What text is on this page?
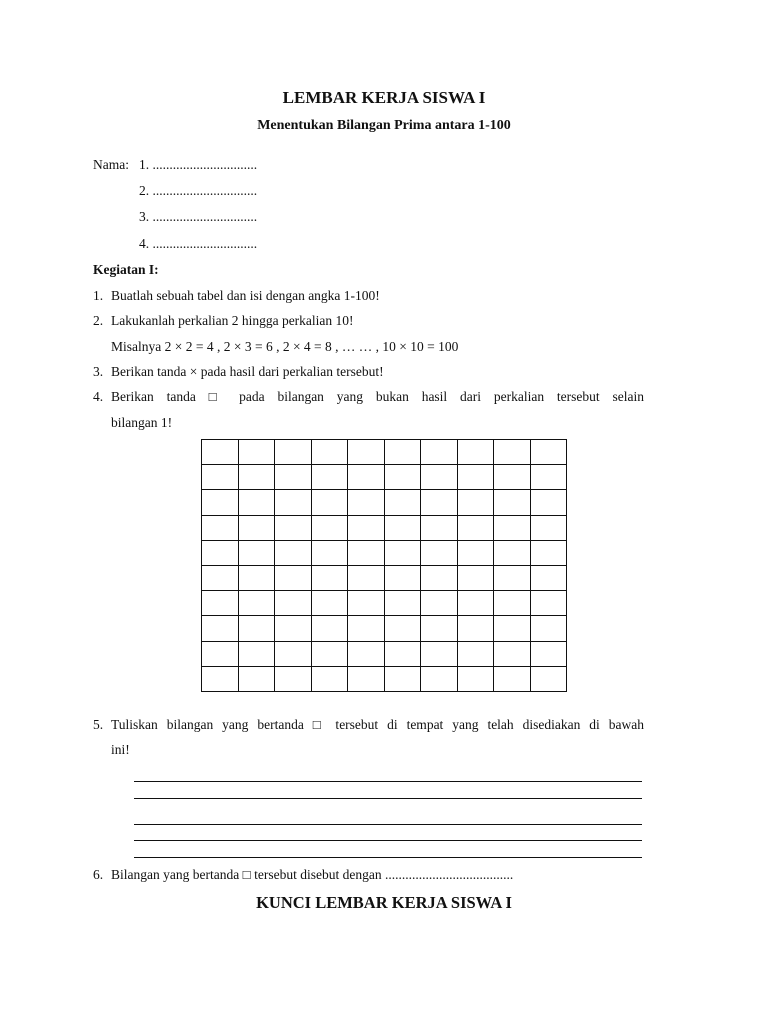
LEMBAR KERJA SISWA I
Menentukan Bilangan Prima antara 1-100
Nama: 1. ...............................
2. ...............................
3. ...............................
4. ...............................
Kegiatan I:
1. Buatlah sebuah tabel dan isi dengan angka 1-100!
2. Lakukanlah perkalian 2 hingga perkalian 10!
Misalnya 2 × 2 = 4 , 2 × 3 = 6 , 2 × 4 = 8 , … … , 10 × 10 = 100
3. Berikan tanda × pada hasil dari perkalian tersebut!
4. Berikan tanda □ pada bilangan yang bukan hasil dari perkalian tersebut selain
bilangan 1!

5. Tuliskan bilangan yang bertanda □ tersebut di tempat yang telah disediakan di bawah
ini!
6. Bilangan yang bertanda □ tersebut disebut dengan ......................................
KUNCI LEMBAR KERJA SISWA I
